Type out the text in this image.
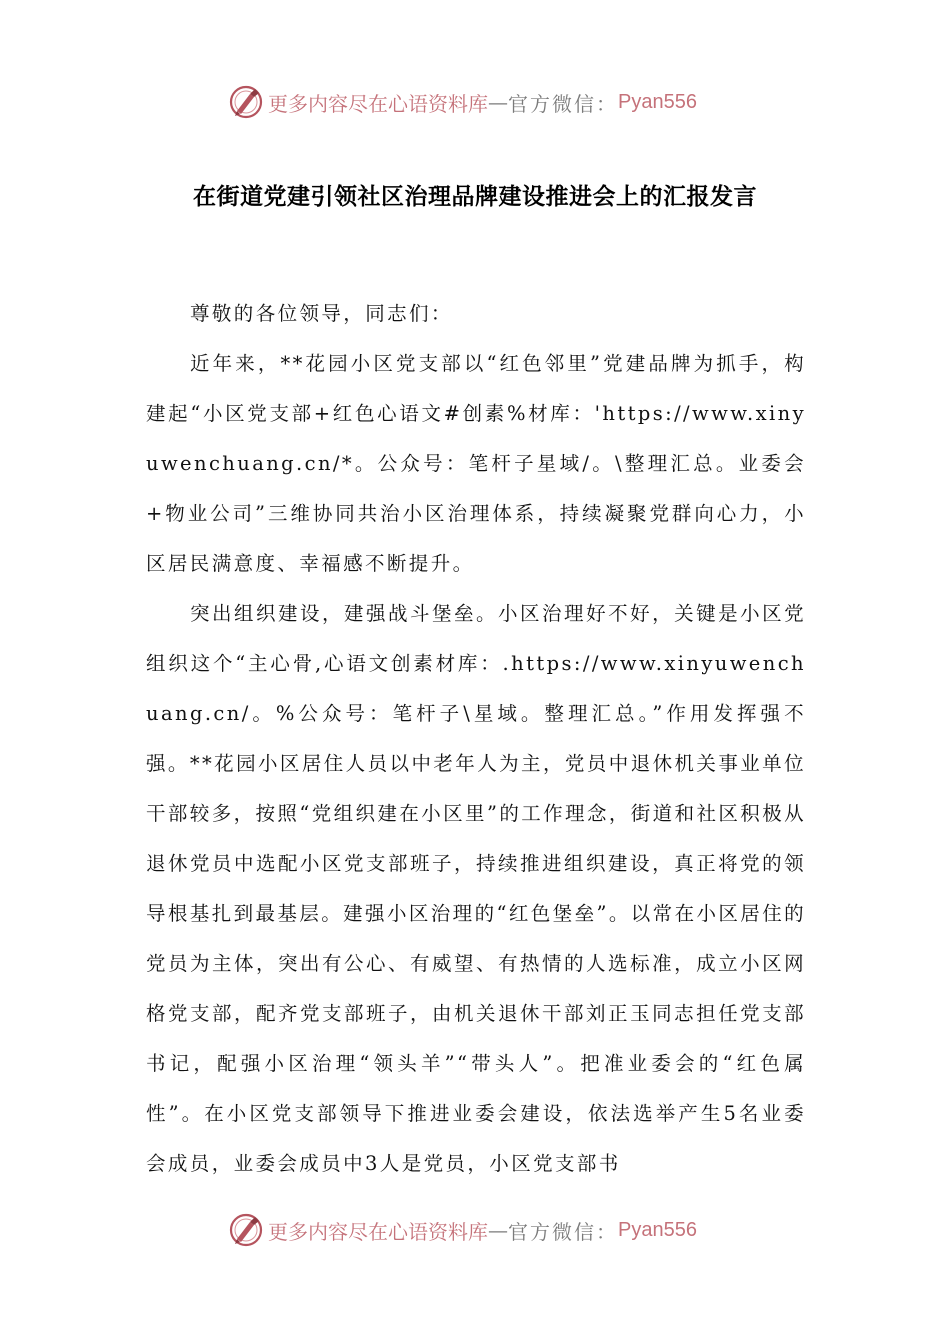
更多内容尽在心语资料库 — 官方微信： Pyan556
在街道党建引领社区治理品牌建设推进会上的汇报发言

尊敬的各位领导，同志们：

近年来，**花园小区党支部以“红色邻里”党建品牌为抓手，构建起“小区党支部+红色心语文#创素%材库：'https://www.xinyuwenchuang.cn/*。公众号：笔杆子星域/。\整理汇总。业委会+物业公司”三维协同共治小区治理体系，持续凝聚党群向心力，小区居民满意度、幸福感不断提升。

突出组织建设，建强战斗堡垒。小区治理好不好，关键是小区党组织这个“主心骨,心语文创素材库：.https://www.xinyuwenchuang.cn/。%公众号：笔杆子\星域。整理汇总。”作用发挥强不强。**花园小区居住人员以中老年人为主，党员中退休机关事业单位干部较多，按照“党组织建在小区里”的工作理念，街道和社区积极从退休党员中选配小区党支部班子，持续推进组织建设，真正将党的领导根基扎到最基层。建强小区治理的“红色堡垒”。以常在小区居住的党员为主体，突出有公心、有威望、有热情的人选标准，成立小区网格党支部，配齐党支部班子，由机关退休干部刘正玉同志担任党支部书记，配强小区治理“领头羊”“带头人”。把准业委会的“红色属性”。在小区党支部领导下推进业委会建设，依法选举产生5名业委会成员，业委会成员中3人是党员，小区党支部书

更多内容尽在心语资料库 — 官方微信： Pyan556
